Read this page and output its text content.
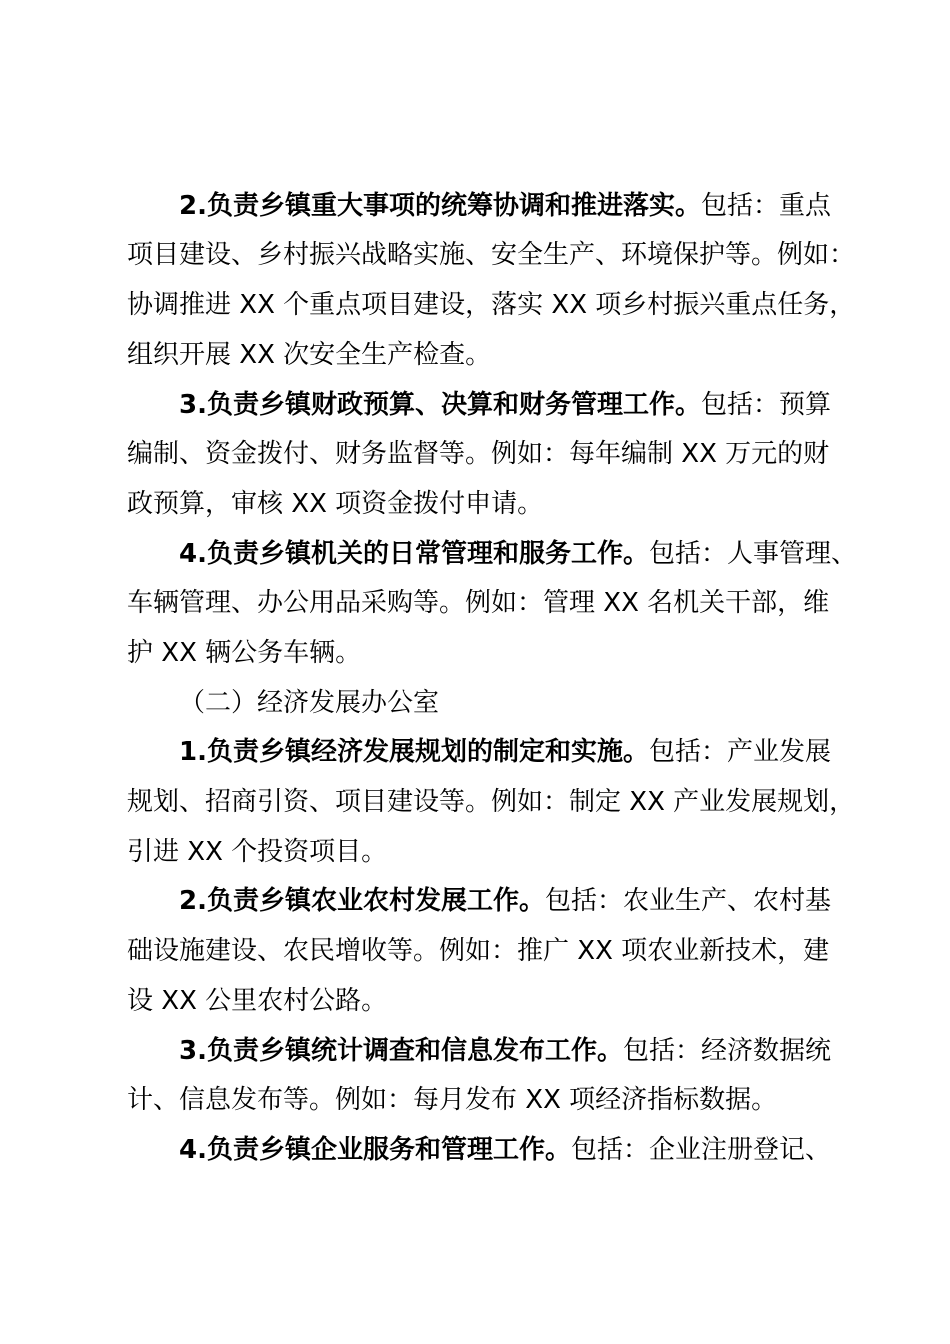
2.负责乡镇重大事项的统筹协调和推进落实。包括：重点
项目建设、乡村振兴战略实施、安全生产、环境保护等。例如：
协调推进 XX 个重点项目建设，落实 XX 项乡村振兴重点任务，
组织开展 XX 次安全生产检查。
3.负责乡镇财政预算、决算和财务管理工作。包括：预算
编制、资金拨付、财务监督等。例如：每年编制 XX 万元的财
政预算，审核 XX 项资金拨付申请。
4.负责乡镇机关的日常管理和服务工作。包括：人事管理、
车辆管理、办公用品采购等。例如：管理 XX 名机关干部，维
护 XX 辆公务车辆。
（二）经济发展办公室
1.负责乡镇经济发展规划的制定和实施。包括：产业发展
规划、招商引资、项目建设等。例如：制定 XX 产业发展规划，
引进 XX 个投资项目。
2.负责乡镇农业农村发展工作。包括：农业生产、农村基
础设施建设、农民增收等。例如：推广 XX 项农业新技术，建
设 XX 公里农村公路。
3.负责乡镇统计调查和信息发布工作。包括：经济数据统
计、信息发布等。例如：每月发布 XX 项经济指标数据。
4.负责乡镇企业服务和管理工作。包括：企业注册登记、
